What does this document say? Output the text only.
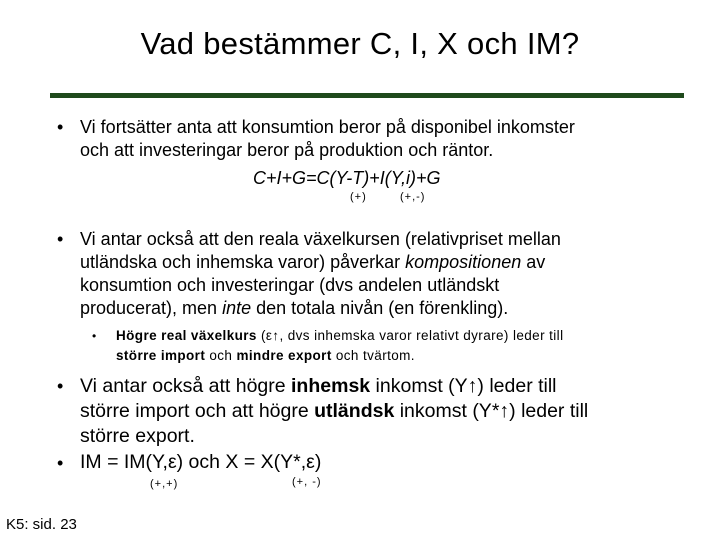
Vad bestämmer C, I, X och IM?
• Vi fortsätter anta att konsumtion beror på disponibel inkomster
och att investeringar beror på produktion och räntor.
C+I+G=C(Y-T)+I(Y,i)+G
(+)	(+,-)
• Vi antar också att den reala växelkursen (relativpriset mellan
utländska och inhemska varor) påverkar kompositionen av
konsumtion och investeringar (dvs andelen utländskt
producerat), men inte den totala nivån (en förenkling).
• Högre real växelkurs (ε↑, dvs inhemska varor relativt dyrare) leder till
större import och mindre export och tvärtom.
• Vi antar också att högre inhemsk inkomst (Y↑) leder till
större import och att högre utländsk inkomst (Y*↑) leder till
större export.
• IM = IM(Y,ε) och X = X(Y*,ε)
(+,+)	(+, -)
K5: sid. 23
